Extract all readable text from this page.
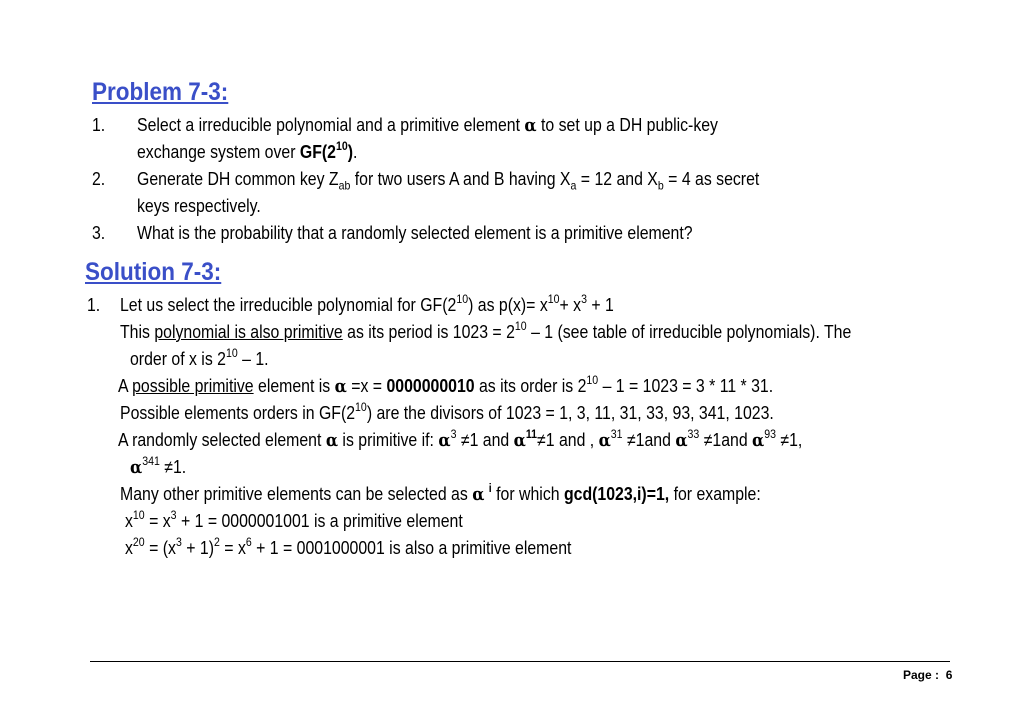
Problem 7-3:
1. Select a irreducible polynomial and a primitive element α to set up a DH public-key
exchange system over $GF(2^{10})$.
2. Generate DH common key $Z_{ab}$ for two users A and B having $X_a = 12$ and $X_b = 4$ as secret
keys respectively.
3. What is the probability that a randomly selected element is a primitive element?
Solution 7-3:
1. Let us select the irreducible polynomial for $GF(2^{10})$ as $p(x)= x^{10}+ x^3 + 1$
This polynomial is also primitive as its period is $1023 = 2^{10} - 1$ (see table of irreducible polynomials). The
order of x is $2^{10} - 1$.
A possible primitive element is α =x = 0000000010 as its order is $2^{10} - 1 = 1023 = 3 * 11 * 31$.
Possible elements orders in $GF(2^{10})$ are the divisors of 1023 = 1, 3, 11, 31, 33, 93, 341, 1023.
A randomly selected element α is primitive if: $\alpha^3 \ne 1$ and $\alpha^{11}\ne 1$ and , $\alpha^{31} \ne 1and$ $\alpha^{33} \ne 1and$ $\alpha^{93} \ne 1$,
$\alpha^{341} \ne 1$.
Many other primitive elements can be selected as α $^i$ for which gcd(1023,i)=1, for example:
$x^{10} = x^3 + 1 = 0000001001$ is a primitive element
$x^{20} = (x^3 + 1)^2 = x^6 + 1 = 0001000001$ is also a primitive element
Page : 6
